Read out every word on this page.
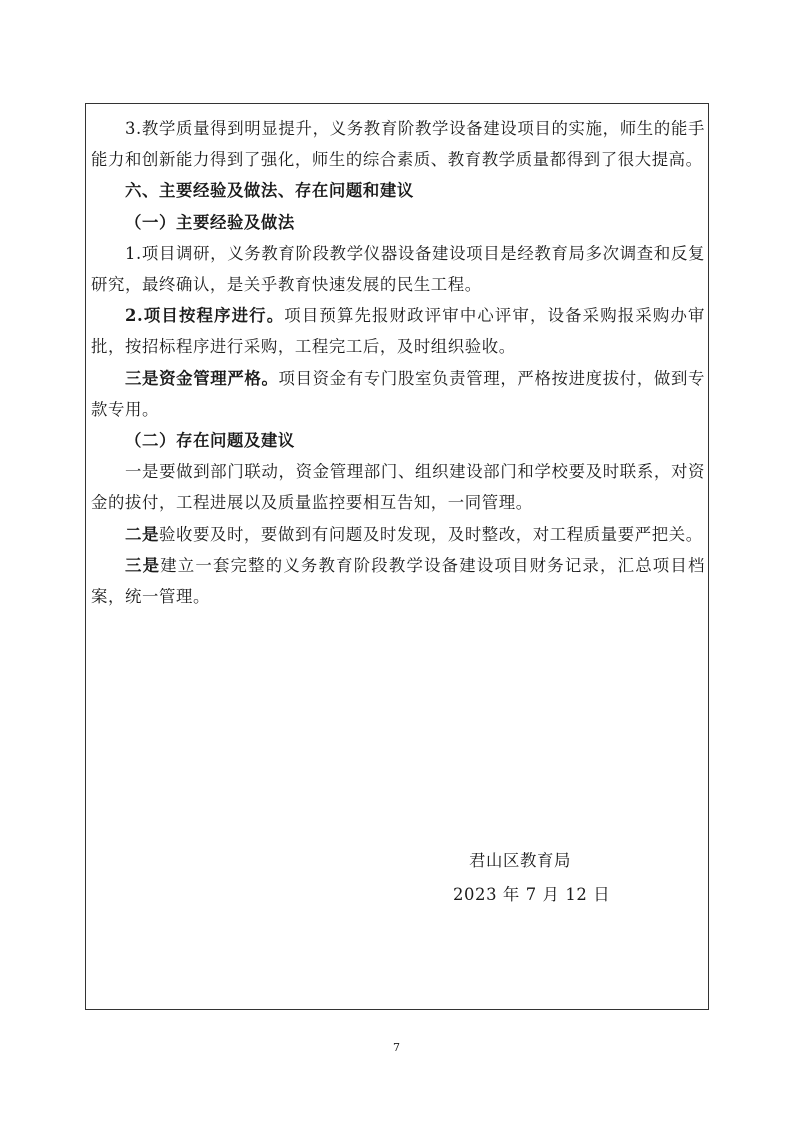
3.教学质量得到明显提升，义务教育阶教学设备建设项目的实施，师生的能手能力和创新能力得到了强化，师生的综合素质、教育教学质量都得到了很大提高。

六、主要经验及做法、存在问题和建议

（一）主要经验及做法

1.项目调研，义务教育阶段教学仪器设备建设项目是经教育局多次调查和反复研究，最终确认，是关乎教育快速发展的民生工程。

2.项目按程序进行。项目预算先报财政评审中心评审，设备采购报采购办审批，按招标程序进行采购，工程完工后，及时组织验收。

三是资金管理严格。项目资金有专门股室负责管理，严格按进度拔付，做到专款专用。

（二）存在问题及建议

一是要做到部门联动，资金管理部门、组织建设部门和学校要及时联系，对资金的拔付，工程进展以及质量监控要相互告知，一同管理。

二是验收要及时，要做到有问题及时发现，及时整改，对工程质量要严把关。

三是建立一套完整的义务教育阶段教学设备建设项目财务记录，汇总项目档案，统一管理。

君山区教育局
2023 年 7 月 12 日
7
